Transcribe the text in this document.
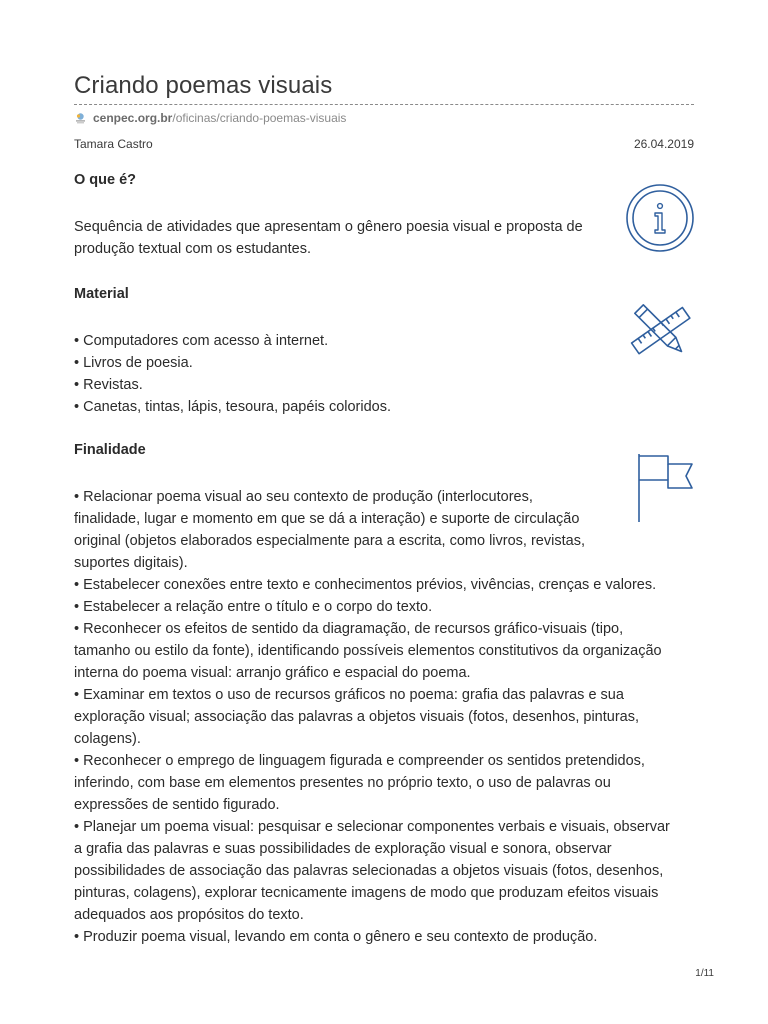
Criando poemas visuais
cenpec.org.br /oficinas/criando-poemas-visuais
Tamara Castro	26.04.2019
O que é?
Sequência de atividades que apresentam o gênero poesia visual e proposta de
produção textual com os estudantes.
Material
• Computadores com acesso à internet.
• Livros de poesia.
• Revistas.
• Canetas, tintas, lápis, tesoura, papéis coloridos.
Finalidade
• Relacionar poema visual ao seu contexto de produção (interlocutores,
finalidade, lugar e momento em que se dá a interação) e suporte de circulação
original (objetos elaborados especialmente para a escrita, como livros, revistas,
suportes digitais).
• Estabelecer conexões entre texto e conhecimentos prévios, vivências, crenças e valores.
• Estabelecer a relação entre o título e o corpo do texto.
• Reconhecer os efeitos de sentido da diagramação, de recursos gráfico-visuais (tipo,
tamanho ou estilo da fonte), identificando possíveis elementos constitutivos da organização
interna do poema visual: arranjo gráfico e espacial do poema.
• Examinar em textos o uso de recursos gráficos no poema: grafia das palavras e sua
exploração visual; associação das palavras a objetos visuais (fotos, desenhos, pinturas,
colagens).
• Reconhecer o emprego de linguagem figurada e compreender os sentidos pretendidos,
inferindo, com base em elementos presentes no próprio texto, o uso de palavras ou
expressões de sentido figurado.
• Planejar um poema visual: pesquisar e selecionar componentes verbais e visuais, observar
a grafia das palavras e suas possibilidades de exploração visual e sonora, observar
possibilidades de associação das palavras selecionadas a objetos visuais (fotos, desenhos,
pinturas, colagens), explorar tecnicamente imagens de modo que produzam efeitos visuais
adequados aos propósitos do texto.
• Produzir poema visual, levando em conta o gênero e seu contexto de produção.
1/11
